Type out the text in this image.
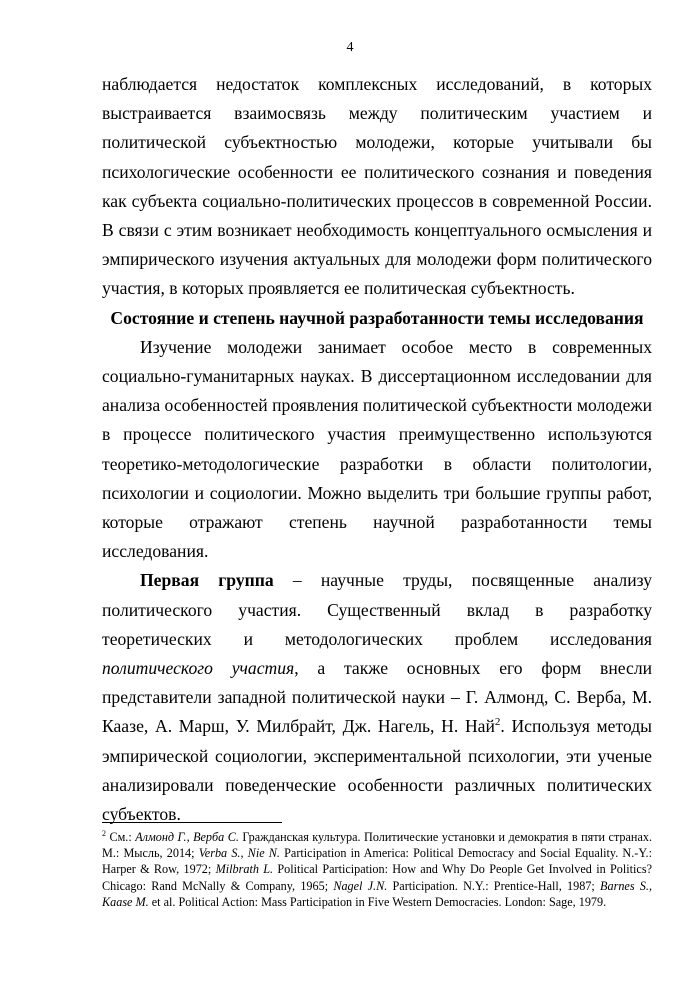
4

наблюдается недостаток комплексных исследований, в которых выстраивается взаимосвязь между политическим участием и политической субъектностью молодежи, которые учитывали бы психологические особенности ее политического сознания и поведения как субъекта социально-политических процессов в современной России. В связи с этим возникает необходимость концептуального осмысления и эмпирического изучения актуальных для молодежи форм политического участия, в которых проявляется ее политическая субъектность.

Состояние и степень научной разработанности темы исследования

Изучение молодежи занимает особое место в современных социально-гуманитарных науках. В диссертационном исследовании для анализа особенностей проявления политической субъектности молодежи в процессе политического участия преимущественно используются теоретико-методологические разработки в области политологии, психологии и социологии. Можно выделить три большие группы работ, которые отражают степень научной разработанности темы исследования.

Первая группа – научные труды, посвященные анализу политического участия. Существенный вклад в разработку теоретических и методологических проблем исследования политического участия, а также основных его форм внесли представители западной политической науки – Г. Алмонд, С. Верба, М. Каазе, А. Марш, У. Милбрайт, Дж. Нагель, Н. Най$^2$. Используя методы эмпирической социологии, экспериментальной психологии, эти ученые анализировали поведенческие особенности различных политических субъектов.

$^2$ См.: Алмонд Г., Верба С. Гражданская культура. Политические установки и демократия в пяти странах. М.: Мысль, 2014; Verba S., Nie N. Participation in America: Political Democracy and Social Equality. N.-Y.: Harper & Row, 1972; Milbrath L. Political Participation: How and Why Do People Get Involved in Politics? Chicago: Rand McNally & Company, 1965; Nagel J.N. Participation. N.Y.: Prentice-Hall, 1987; Barnes S., Kaase M. et al. Political Action: Mass Participation in Five Western Democracies. London: Sage, 1979.
